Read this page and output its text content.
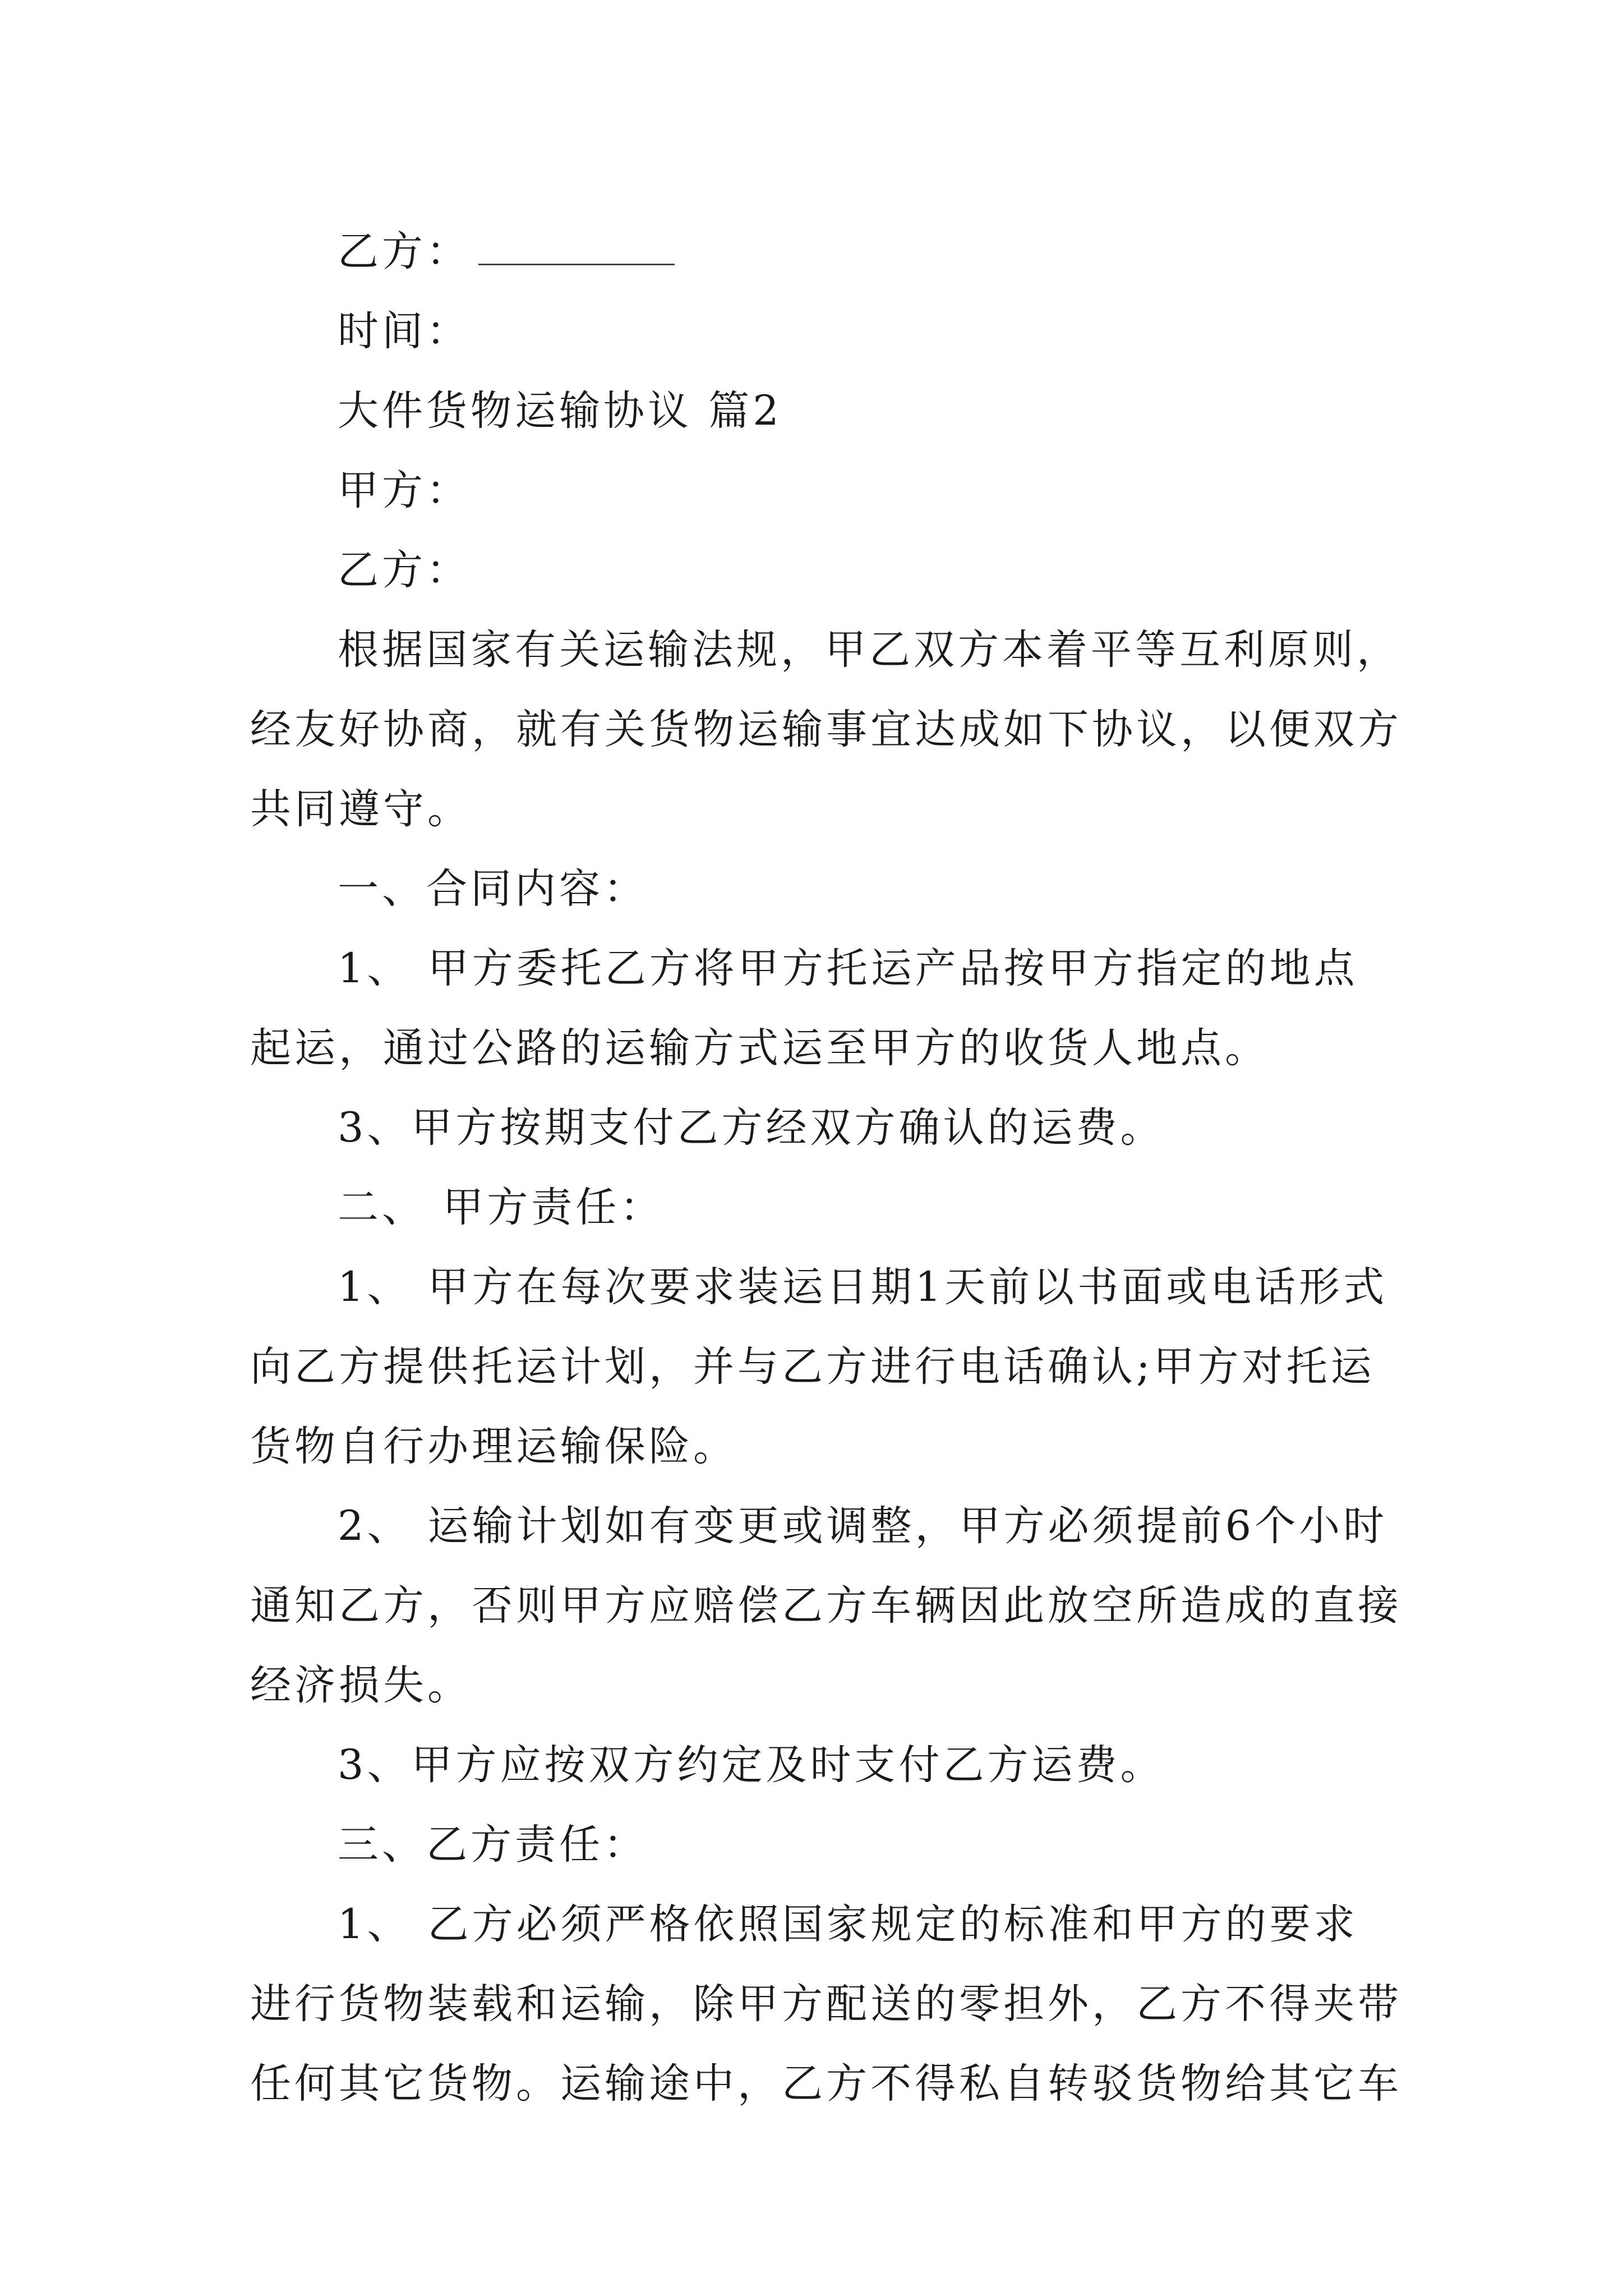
乙方：
时间：
大件货物运输协议 篇2
甲方：
乙方：
根据国家有关运输法规，甲乙双方本着平等互利原则，
经友好协商，就有关货物运输事宜达成如下协议，以便双方
共同遵守。
一、合同内容：
1、 甲方委托乙方将甲方托运产品按甲方指定的地点
起运，通过公路的运输方式运至甲方的收货人地点。
3、甲方按期支付乙方经双方确认的运费。
二、 甲方责任：
1、 甲方在每次要求装运日期1天前以书面或电话形式
向乙方提供托运计划，并与乙方进行电话确认;甲方对托运
货物自行办理运输保险。
2、 运输计划如有变更或调整，甲方必须提前6个小时
通知乙方，否则甲方应赔偿乙方车辆因此放空所造成的直接
经济损失。
3、甲方应按双方约定及时支付乙方运费。
三、乙方责任：
1、 乙方必须严格依照国家规定的标准和甲方的要求
进行货物装载和运输，除甲方配送的零担外，乙方不得夹带
任何其它货物。运输途中，乙方不得私自转驳货物给其它车
